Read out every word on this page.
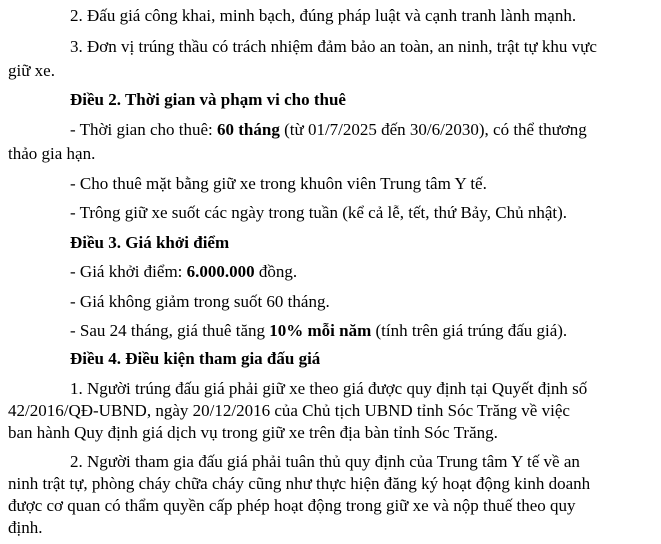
2. Đấu giá công khai, minh bạch, đúng pháp luật và cạnh tranh lành mạnh.
3. Đơn vị trúng thầu có trách nhiệm đảm bảo an toàn, an ninh, trật tự khu vực
giữ xe.
Điều 2. Thời gian và phạm vi cho thuê
- Thời gian cho thuê: 60 tháng (từ 01/7/2025 đến 30/6/2030), có thể thương
thảo gia hạn.
- Cho thuê mặt bằng giữ xe trong khuôn viên Trung tâm Y tế.
- Trông giữ xe suốt các ngày trong tuần (kể cả lễ, tết, thứ Bảy, Chủ nhật).
Điều 3. Giá khởi điểm
- Giá khởi điểm: 6.000.000 đồng.
- Giá không giảm trong suốt 60 tháng.
- Sau 24 tháng, giá thuê tăng 10% mỗi năm (tính trên giá trúng đấu giá).
Điều 4. Điều kiện tham gia đấu giá
1. Người trúng đấu giá phải giữ xe theo giá được quy định tại Quyết định số
42/2016/QĐ-UBND, ngày 20/12/2016 của Chủ tịch UBND tỉnh Sóc Trăng về việc
ban hành Quy định giá dịch vụ trong giữ xe trên địa bàn tỉnh Sóc Trăng.
2. Người tham gia đấu giá phải tuân thủ quy định của Trung tâm Y tế về an
ninh trật tự, phòng cháy chữa cháy cũng như thực hiện đăng ký hoạt động kinh doanh
được cơ quan có thẩm quyền cấp phép hoạt động trong giữ xe và nộp thuế theo quy
định.
